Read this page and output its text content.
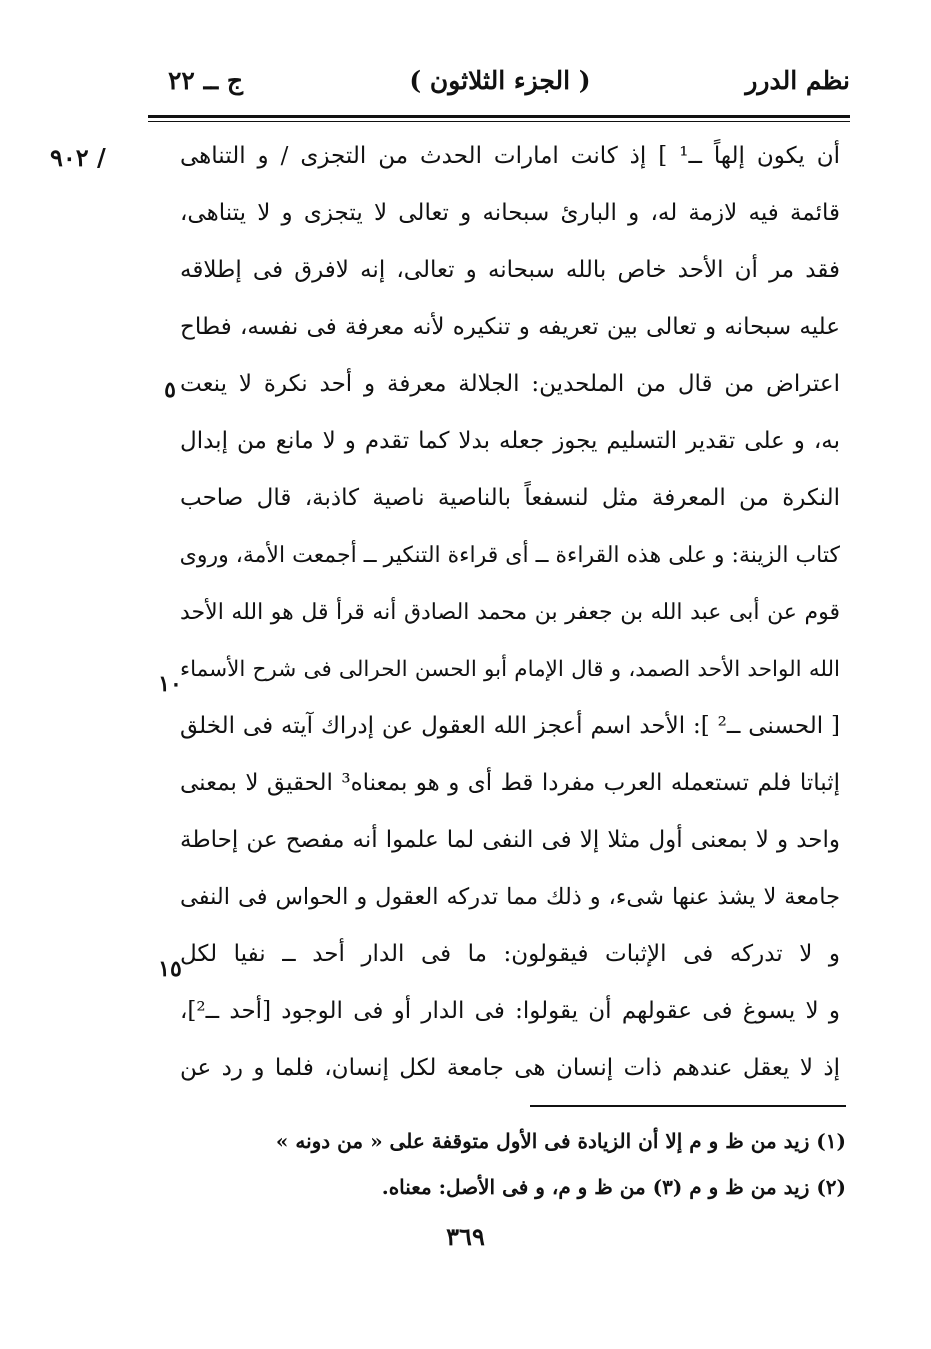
نظم الدرر
( الجزء الثلاثون )
ج ــ ٢٢
/ ٩٠٢
٥
١٠
١٥
أن يكون إلهاً ــ¹ ] إذ كانت امارات الحدث من التجزى / و التناهى
قائمة فيه لازمة له، و البارئ سبحانه و تعالى لا يتجزى و لا يتناهى،
فقد مر أن الأحد خاص بالله سبحانه و تعالى، إنه لافرق فى إطلاقه
عليه سبحانه و تعالى بين تعريفه و تنكيره لأنه معرفة فى نفسه، فطاح
اعتراض من قال من الملحدين: الجلالة معرفة و أحد نكرة لا ينعت
به، و على تقدير التسليم يجوز جعله بدلا كما تقدم و لا مانع من إبدال
النكرة من المعرفة مثل لنسفعاً بالناصية ناصية كاذبة، قال صاحب
كتاب الزينة: و على هذه القراءة ــ أى قراءة التنكير ــ أجمعت الأمة، وروى
قوم عن أبى عبد الله بن جعفر بن محمد الصادق أنه قرأ قل هو الله الأحد
الله الواحد الأحد الصمد، و قال الإمام أبو الحسن الحرالى فى شرح الأسماء
[ الحسنى ــ² ]: الأحد اسم أعجز الله العقول عن إدراك آيته فى الخلق
إثباتا فلم تستعمله العرب مفردا قط أى و هو بمعناه³ الحقيق لا بمعنى
واحد و لا بمعنى أول مثلا إلا فى النفى لما علموا أنه مفصح عن إحاطة
جامعة لا يشذ عنها شىء، و ذلك مما تدركه العقول و الحواس فى النفى
و لا تدركه فى الإثبات فيقولون: ما فى الدار أحد ــ نفيا لكل
و لا يسوغ فى عقولهم أن يقولوا: فى الدار أو فى الوجود [أحد ــ²]،
إذ لا يعقل عندهم ذات إنسان هى جامعة لكل إنسان، فلما و رد عن
(١) زيد من ظ و م إلا أن الزيادة فى الأول متوقفة على « من دونه »
(٢) زيد من ظ و م (٣) من ظ و م، و فى الأصل: معناه.
٣٦٩
